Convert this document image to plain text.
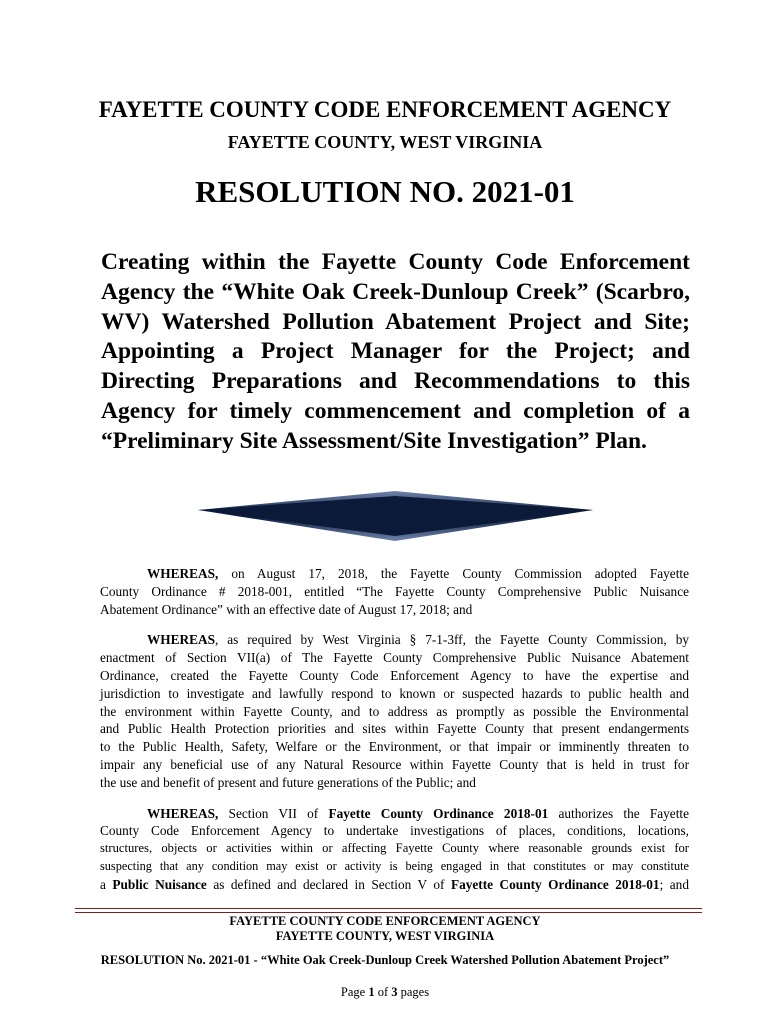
FAYETTE COUNTY CODE ENFORCEMENT AGENCY
FAYETTE COUNTY, WEST VIRGINIA
RESOLUTION NO. 2021-01
Creating within the Fayette County Code Enforcement
Agency the “White Oak Creek-Dunloup Creek” (Scarbro,
WV) Watershed Pollution Abatement Project and Site;
Appointing a Project Manager for the Project; and
Directing Preparations and Recommendations to this
Agency for timely commencement and completion of a
“Preliminary Site Assessment/Site Investigation” Plan.
WHEREAS, on August 17, 2018, the Fayette County Commission adopted Fayette
County Ordinance # 2018-001, entitled “The Fayette County Comprehensive Public Nuisance
Abatement Ordinance” with an effective date of August 17, 2018; and
WHEREAS, as required by West Virginia § 7-1-3ff, the Fayette County Commission, by
enactment of Section VII(a) of The Fayette County Comprehensive Public Nuisance Abatement
Ordinance, created the Fayette County Code Enforcement Agency to have the expertise and
jurisdiction to investigate and lawfully respond to known or suspected hazards to public health and
the environment within Fayette County, and to address as promptly as possible the Environmental
and Public Health Protection priorities and sites within Fayette County that present endangerments
to the Public Health, Safety, Welfare or the Environment, or that impair or imminently threaten to
impair any beneficial use of any Natural Resource within Fayette County that is held in trust for
the use and benefit of present and future generations of the Public; and
WHEREAS, Section VII of Fayette County Ordinance 2018-01 authorizes the Fayette
County Code Enforcement Agency to undertake investigations of places, conditions, locations,
structures, objects or activities within or affecting Fayette County where reasonable grounds exist for
suspecting that any condition may exist or activity is being engaged in that constitutes or may constitute
a Public Nuisance as defined and declared in Section V of Fayette County Ordinance 2018-01; and
FAYETTE COUNTY CODE ENFORCEMENT AGENCY
FAYETTE COUNTY, WEST VIRGINIA
RESOLUTION No. 2021-01 - “White Oak Creek-Dunloup Creek Watershed Pollution Abatement Project”
Page 1 of 3 pages
